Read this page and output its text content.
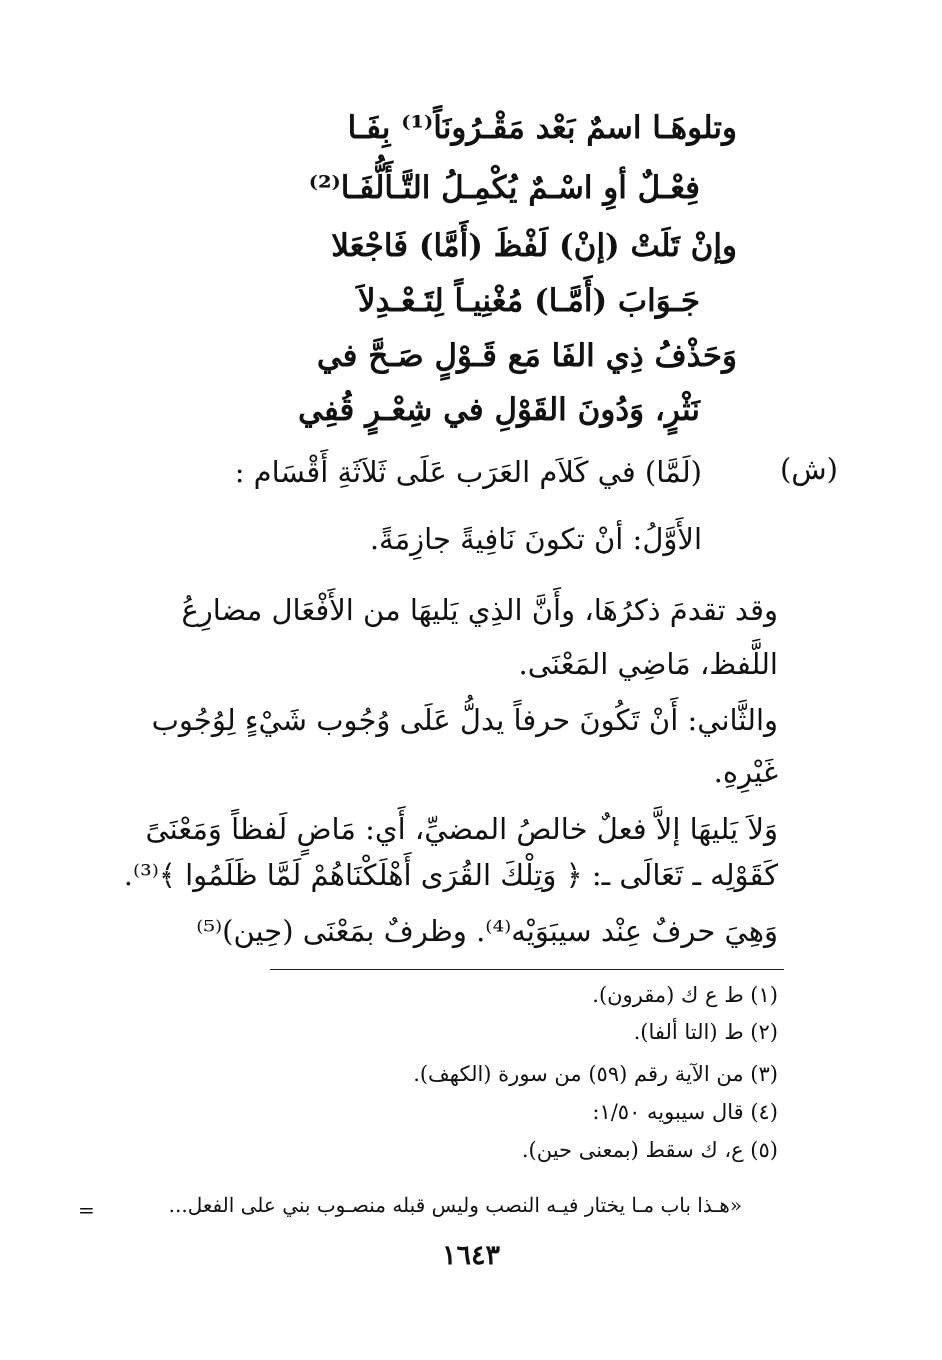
وتلوهَـا اسمٌ بَعْد مَقْـرُونَاً⁽¹⁾ بِفَـا
فِعْـلٌ أوِ اسْـمٌ يُكْمِـلُ التَّـأَلُّفَـا⁽²⁾
وإنْ تَلَتْ (إنْ) لَفْظَ (أَمَّا) فَاجْعَلا
جَـوَابَ (أَمَّـا) مُغْنِيـاً لِتَـعْـدِلاَ
وَحَذْفُ ذِي الفَا مَع قَـوْلٍ صَـحَّ في
نَثْرٍ، وَدُونَ القَوْلِ في شِعْـرٍ قُفِي
(ش)
(لَمَّا) في كَلاَم العَرَب عَلَى ثَلاَثَةِ أَقْسَام :
الأَوَّلُ: أنْ تكونَ نَافِيةً جازِمَةً.
وقد تقدمَ ذكرُهَا، وأَنَّ الذِي يَليهَا من الأَفْعَال مضارِعُ
اللَّفظ، مَاضِي المَعْنَى.
والثَّاني: أَنْ تَكُونَ حرفاً يدلُّ عَلَى وُجُوب شَيْءٍ لِوُجُوب
غَيْرِهِ.
وَلاَ يَليهَا إلاَّ فعلٌ خالصُ المضيِّ، أَي: مَاضٍ لَفظاً وَمَعْنَىً
كَقَوْلِه ـ تَعَالَى ـ: ﴿ وَتِلْكَ القُرَى أَهْلَكْنَاهُمْ لَمَّا ظَلَمُوا ﴾⁽³⁾.
وَهِيَ حرفٌ عِنْد سيبَوَيْه⁽⁴⁾. وظرفٌ بمَعْنَى (حِين)⁽⁵⁾
(١) ط ع ك (مقرون).
(٢) ط (التا ألفا).
(٣) من الآية رقم (٥٩) من سورة (الكهف).
(٤) قال سيبويه ١/٥٠:
(٥) ع، ك سقط (بمعنى حين).
«هـذا باب مـا يختار فيـه النصب وليس قبله منصـوب بني على الفعل...
=
١٦٤٣
